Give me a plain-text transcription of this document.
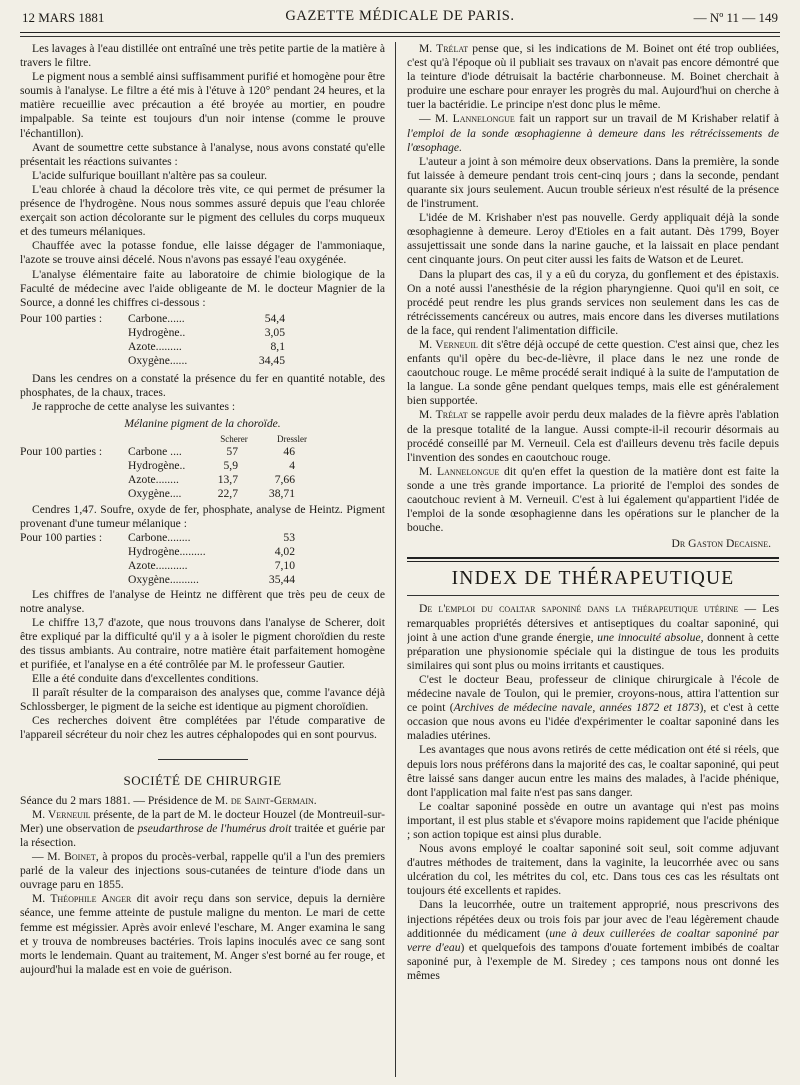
12 MARS 1881	GAZETTE MÉDICALE DE PARIS.	— Nº 11 — 149

Les lavages à l'eau distillée ont entraîné une très petite partie de la matière à travers le filtre.

Le pigment nous a semblé ainsi suffisamment purifié et homogène pour être soumis à l'analyse. Le filtre a été mis à l'étuve à 120° pendant 24 heures, et la matière recueillie avec précaution a été broyée au mortier, en poudre impalpable. Sa teinte est toujours d'un noir intense (comme le prouve l'échantillon).

Avant de soumettre cette substance à l'analyse, nous avons constaté qu'elle présentait les réactions suivantes :

L'acide sulfurique bouillant n'altère pas sa couleur.

L'eau chlorée à chaud la décolore très vite, ce qui permet de présumer la présence de l'hydrogène. Nous nous sommes assuré depuis que l'eau chlorée exerçait son action décolorante sur le pigment des cellules du corps muqueux et des tumeurs mélaniques.

Chauffée avec la potasse fondue, elle laisse dégager de l'ammoniaque, l'azote se trouve ainsi décelé. Nous n'avons pas essayé l'eau oxygénée.

L'analyse élémentaire faite au laboratoire de chimie biologique de la Faculté de médecine avec l'aide obligeante de M. le docteur Magnier de la Source, a donné les chiffres ci-dessous :

Pour 100 parties :	Carbone......	54,4
Hydrogène..	3,05
Azote.........	8,1
Oxygène......	34,45

Dans les cendres on a constaté la présence du fer en quantité notable, des phosphates, de la chaux, traces.

Je rapproche de cette analyse les suivantes :

Mélanine pigment de la choroïde.
Scherer	Dressler
Pour 100 parties :	Carbone ....	57	46
Hydrogène..	5,9	4
Azote........	13,7	7,66
Oxygène....	22,7	38,71

Cendres 1,47. Soufre, oxyde de fer, phosphate, analyse de Heintz. Pigment provenant d'une tumeur mélanique :

Pour 100 parties :	Carbone........	53
Hydrogène.........	4,02
Azote...........	7,10
Oxygène..........	35,44

Les chiffres de l'analyse de Heintz ne diffèrent que très peu de ceux de notre analyse.

Le chiffre 13,7 d'azote, que nous trouvons dans l'analyse de Scherer, doit être expliqué par la difficulté qu'il y a à isoler le pigment choroïdien du reste des tissus ambiants. Au contraire, notre matière était parfaitement homogène et purifiée, et l'analyse en a été contrôlée par M. le professeur Gautier.

Elle a été conduite dans d'excellentes conditions.

Il paraît résulter de la comparaison des analyses que, comme l'avance déjà Schlossberger, le pigment de la seiche est identique au pigment choroïdien.

Ces recherches doivent être complétées par l'étude comparative de l'appareil sécréteur du noir chez les autres céphalopodes qui en sont pourvus.

SOCIÉTÉ DE CHIRURGIE

Séance du 2 mars 1881. — Présidence de M. de Saint-Germain.

M. Verneuil présente, de la part de M. le docteur Houzel (de Montreuil-sur-Mer) une observation de pseudarthrose de l'humérus droit traitée et guérie par la résection.

— M. Boinet, à propos du procès-verbal, rappelle qu'il a l'un des premiers parlé de la valeur des injections sous-cutanées de teinture d'iode dans un ouvrage paru en 1855.

M. Théophile Anger dit avoir reçu dans son service, depuis la dernière séance, une femme atteinte de pustule maligne du menton. Le mari de cette femme est mégissier. Après avoir enlevé l'eschare, M. Anger examina le sang et y trouva de nombreuses bactéries. Trois lapins inoculés avec ce sang sont morts le lendemain. Quant au traitement, M. Anger s'est borné au fer rouge, et aujourd'hui la malade est en voie de guérison.

M. Trélat pense que, si les indications de M. Boinet ont été trop oubliées, c'est qu'à l'époque où il publiait ses travaux on n'avait pas encore démontré que la teinture d'iode détruisait la bactérie charbonneuse. M. Boinet cherchait à produire une eschare pour enrayer les progrès du mal. Aujourd'hui on cherche à tuer la bactéridie. Le principe n'est donc plus le même.

— M. Lannelongue fait un rapport sur un travail de M Krishaber relatif à l'emploi de la sonde œsophagienne à demeure dans les rétrécissements de l'œsophage.

L'auteur a joint à son mémoire deux observations. Dans la première, la sonde fut laissée à demeure pendant trois cent-cinq jours ; dans la seconde, pendant quarante six jours seulement. Aucun trouble sérieux n'est résulté de la présence de l'instrument.

L'idée de M. Krishaber n'est pas nouvelle. Gerdy appliquait déjà la sonde œsophagienne à demeure. Leroy d'Etioles en a fait autant. Dès 1799, Boyer assujettissait une sonde dans la narine gauche, et la laissait en place pendant cent cinquante jours. On peut citer aussi les faits de Watson et de Leuret.

Dans la plupart des cas, il y a eû du coryza, du gonflement et des épistaxis. On a noté aussi l'anesthésie de la région pharyngienne. Quoi qu'il en soit, ce procédé peut rendre les plus grands services non seulement dans les cas de rétrécissements cancéreux ou autres, mais encore dans les diverses mutilations de la face, qui rendent l'alimentation difficile.

M. Verneuil dit s'être déjà occupé de cette question. C'est ainsi que, chez les enfants qu'il opère du bec-de-lièvre, il place dans le nez une ronde de caoutchouc rouge. Le même procédé serait indiqué à la suite de l'amputation de la langue. La sonde gêne pendant quelques temps, mais elle est généralement bien supportée.

M. Trélat se rappelle avoir perdu deux malades de la fièvre après l'ablation de la presque totalité de la langue. Aussi compte-il-il recourir désormais au procédé conseillé par M. Verneuil. Cela est d'ailleurs devenu très facile depuis l'invention des sondes en caoutchouc rouge.

M. Lannelongue dit qu'en effet la question de la matière dont est faite la sonde a une très grande importance. La priorité de l'emploi des sondes de caoutchouc revient à M. Verneuil. C'est à lui également qu'appartient l'idée de l'emploi de la sonde œsophagienne dans les opérations sur le plancher de la bouche.

Dr Gaston Decaisne.
INDEX DE THÉRAPEUTIQUE

De l'emploi du coaltar saponiné dans la thérapeutique utérine — Les remarquables propriétés détersives et antiseptiques du coaltar saponiné, qui joint à une action d'une grande énergie, une innocuité absolue, donnent à cette préparation une physionomie spéciale qui la distingue de tous les produits similaires qui sont plus ou moins irritants et caustiques.

C'est le docteur Beau, professeur de clinique chirurgicale à l'école de médecine navale de Toulon, qui le premier, croyons-nous, attira l'attention sur ce point (Archives de médecine navale, années 1872 et 1873), et c'est à cette occasion que nous avons eu l'idée d'expérimenter le coaltar saponiné dans les maladies utérines.

Les avantages que nous avons retirés de cette médication ont été si réels, que depuis lors nous préférons dans la majorité des cas, le coaltar saponiné, qui peut être laissé sans danger aucun entre les mains des malades, à l'acide phénique, dont l'application mal faite n'est pas sans danger.

Le coaltar saponiné possède en outre un avantage qui n'est pas moins important, il est plus stable et s'évapore moins rapidement que l'acide phénique ; son action topique est ainsi plus durable.

Nous avons employé le coaltar saponiné soit seul, soit comme adjuvant d'autres méthodes de traitement, dans la vaginite, la leucorrhée avec ou sans ulcération du col, les métrites du col, etc. Dans tous ces cas les résultats ont toujours été excellents et rapides.

Dans la leucorrhée, outre un traitement approprié, nous prescrivons des injections répétées deux ou trois fois par jour avec de l'eau légèrement chaude additionnée du médicament (une à deux cuillerées de coaltar saponiné par verre d'eau) et quelquefois des tampons d'ouate fortement imbibés de coaltar saponiné pur, à l'exemple de M. Siredey ; ces tampons nous ont donné les mêmes
